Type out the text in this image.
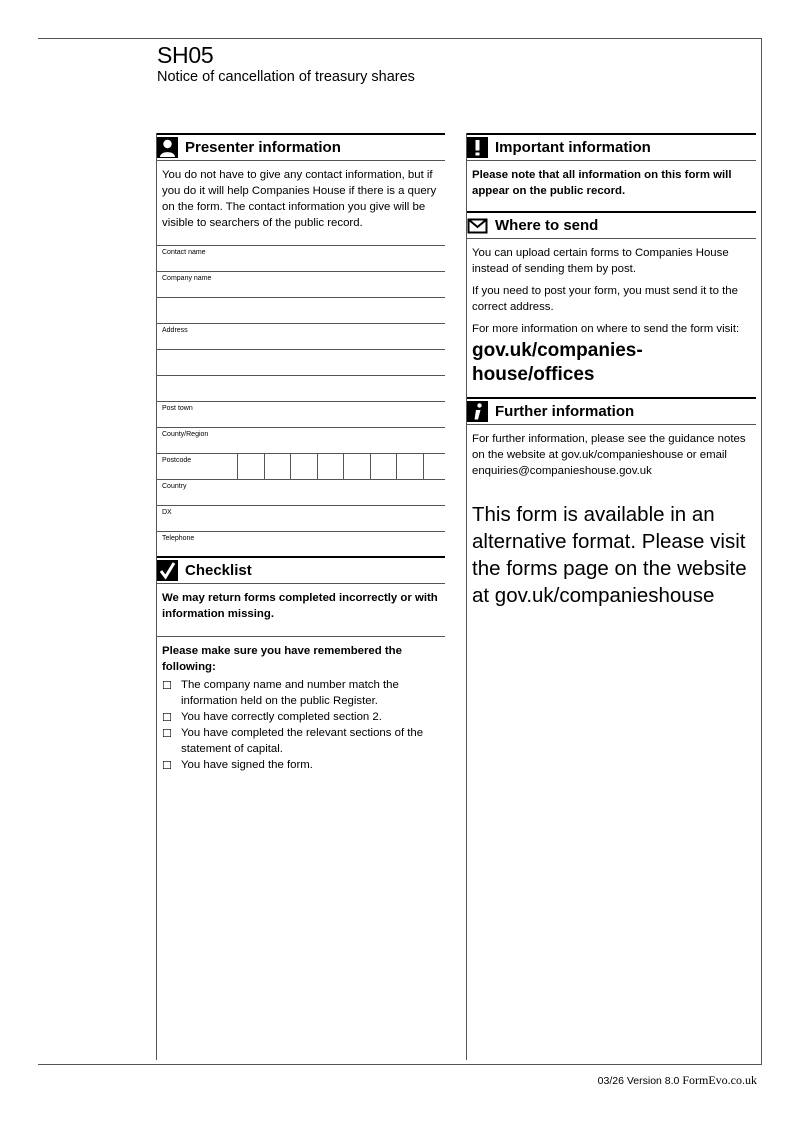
SH05
Notice of cancellation of treasury shares
Presenter information
You do not have to give any contact information, but if you do it will help Companies House if there is a query on the form. The contact information you give will be visible to searchers of the public record.
Contact name
Company name
Address
Post town
County/Region
Postcode
Country
DX
Telephone
Checklist
We may return forms completed incorrectly or with information missing.
Please make sure you have remembered the following:
☐ The company name and number match the information held on the public Register.
☐ You have correctly completed section 2.
☐ You have completed the relevant sections of the statement of capital.
☐ You have signed the form.
Important information
Please note that all information on this form will appear on the public record.
Where to send

You can upload certain forms to Companies House instead of sending them by post.

If you need to post your form, you must send it to the correct address.

For more information on where to send the form visit:

gov.uk/companies-house/offices
Further information
For further information, please see the guidance notes on the website at gov.uk/companieshouse or email enquiries@companieshouse.gov.uk
This form is available in an alternative format. Please visit the forms page on the website at gov.uk/companieshouse
03/26 Version 8.0 FormEvo.co.uk
